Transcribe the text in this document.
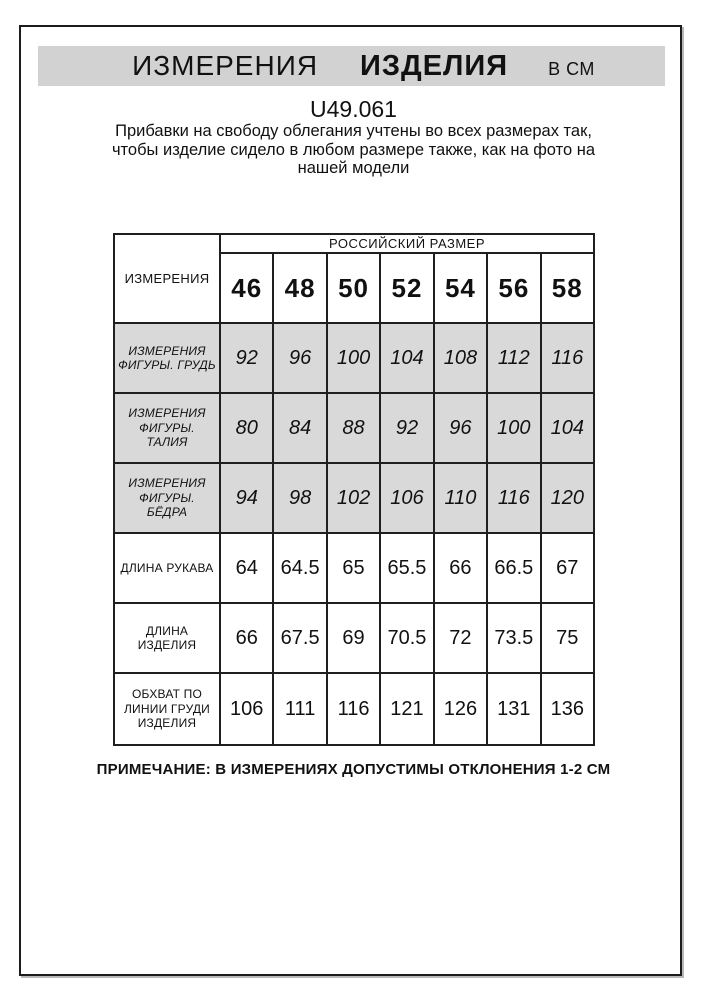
ИЗМЕРЕНИЯ ИЗДЕЛИЯ В СМ
U49.061
Прибавки на свободу облегания учтены во всех размерах так,
чтобы изделие сидело в любом размере также, как на фото на
нашей модели
ИЗМЕРЕНИЯ	РОССИЙСКИЙ РАЗМЕР						
	46	48	50	52	54	56	58
ИЗМЕРЕНИЯ ФИГУРЫ. ГРУДЬ	92	96	100	104	108	112	116
ИЗМЕРЕНИЯ ФИГУРЫ. ТАЛИЯ	80	84	88	92	96	100	104
ИЗМЕРЕНИЯ ФИГУРЫ. БЁДРА	94	98	102	106	110	116	120
ДЛИНА РУКАВА	64	64.5	65	65.5	66	66.5	67
ДЛИНА ИЗДЕЛИЯ	66	67.5	69	70.5	72	73.5	75
ОБХВАТ ПО ЛИНИИ ГРУДИ ИЗДЕЛИЯ	106	111	116	121	126	131	136
ПРИМЕЧАНИЕ: В ИЗМЕРЕНИЯХ ДОПУСТИМЫ ОТКЛОНЕНИЯ 1-2 СМ
